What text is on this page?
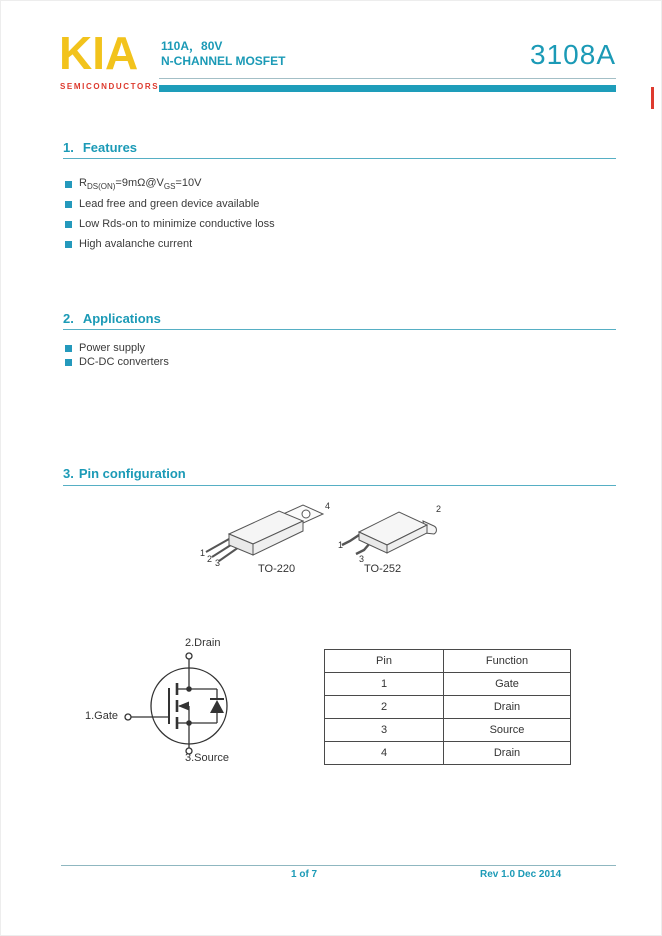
KIA
SEMICONDUCTORS
110A，80V
N-CHANNEL MOSFET	3108A
1. Features
$R_{DS(ON)}=9m\Omega@V_{GS}=10V$
Lead free and green device available
Low Rds-on to minimize conductive loss
High avalanche current
2. Applications
Power supply
DC-DC converters
3. Pin configuration
1
2 3
4
TO-220
1
2
3
TO-252
2.Drain
1.Gate
3.Source
Pin	Function
1	Gate
2	Drain
3	Source
4	Drain
1 of 7	Rev 1.0 Dec 2014
